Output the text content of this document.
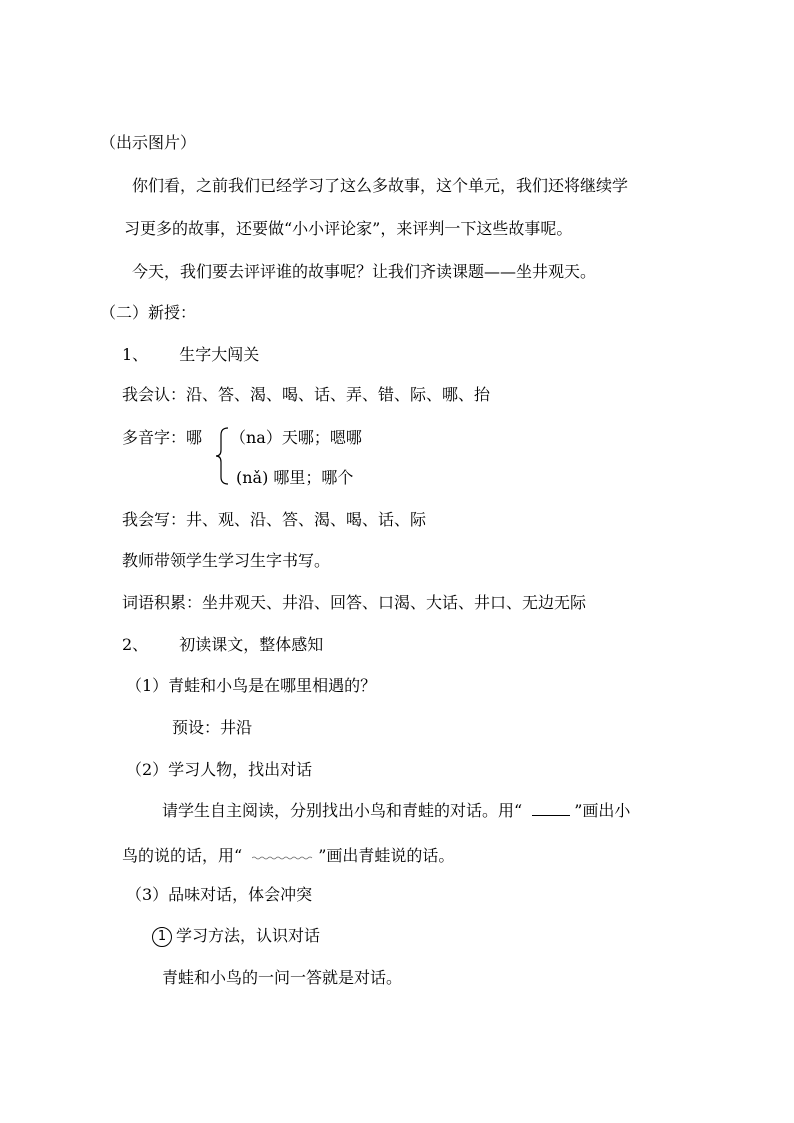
（出示图片）
你们看，之前我们已经学习了这么多故事，这个单元，我们还将继续学
习更多的故事，还要做“小小评论家”，来评判一下这些故事呢。
今天，我们要去评评谁的故事呢？让我们齐读课题——坐井观天。
（二）新授：
1、 生字大闯关
我会认：沿、答、渴、喝、话、弄、错、际、哪、抬
多音字：哪 （na）天哪；嗯哪
(nǎ) 哪里；哪个
我会写：井、观、沿、答、渴、喝、话、际
教师带领学生学习生字书写。
词语积累：坐井观天、井沿、回答、口渴、大话、井口、无边无际
2、 初读课文，整体感知
（1）青蛙和小鸟是在哪里相遇的？
预设：井沿
（2）学习人物，找出对话
请学生自主阅读，分别找出小鸟和青蛙的对话。用“	”画出小
鸟的说的话，用“	”画出青蛙说的话。
（3）品味对话，体会冲突
1 学习方法，认识对话
青蛙和小鸟的一问一答就是对话。
